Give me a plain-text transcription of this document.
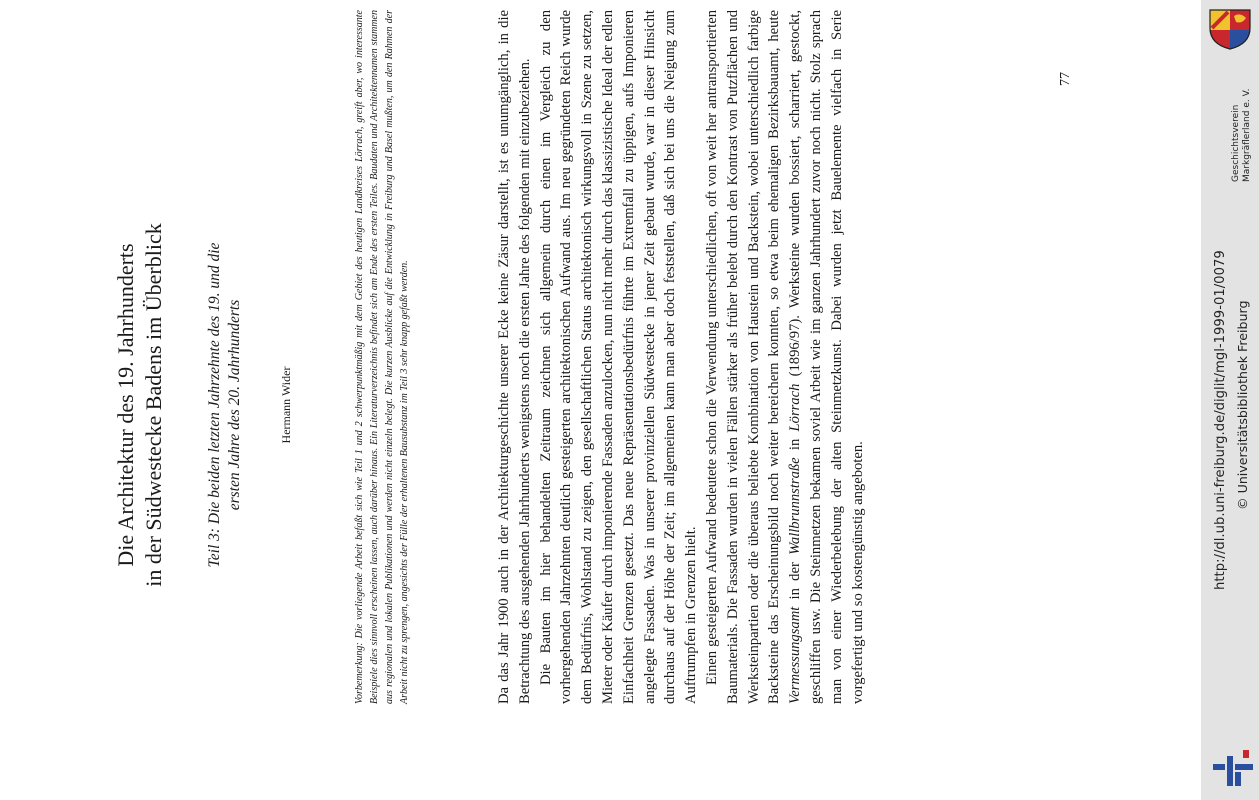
Die Architektur des 19. Jahrhunderts in der Südwestecke Badens im Überblick	Teil 3: Die beiden letzten Jahrzehnte des 19. und die ersten Jahre des 20. Jahrhunderts	Hermann Wider	Vorbemerkung: Die vorliegende Arbeit befaßt sich wie Teil 1 und 2 schwerpunktmäßig mit dem Gebiet des heutigen Landkreises Lörrach, greift aber, wo interessante Beispiele dies sinnvoll erscheinen lassen, auch darüber hinaus. Ein Literaturverzeichnis befindet sich am Ende des ersten Teiles. Baudaten und Architektennamen stammen aus regionalen und lokalen Publikationen und werden nicht einzeln belegt. Die kurzen Ausblicke auf die Entwicklung in Freiburg und Basel mußten, um den Rahmen der Arbeit nicht zu sprengen, angesichts der Fülle der erhaltenen Bausubstanz im Teil 3 sehr knapp gefaßt werden.	Da das Jahr 1900 auch in der Architekturgeschichte unserer Ecke keine Zäsur darstellt, ist es unumgänglich, in die Betrachtung des ausgehenden Jahrhunderts wenigstens noch die ersten Jahre des folgenden mit einzubeziehen. Die Bauten im hier behandelten Zeitraum zeichnen sich allgemein durch einen im Vergleich zu den vorhergehenden Jahrzehnten deutlich gesteigerten architektonischen Aufwand aus. Im neu gegründeten Reich wurde dem Bedürfnis, Wohlstand zu zeigen, den gesellschaftlichen Status architektonisch wirkungsvoll in Szene zu setzen, Mieter oder Käufer durch imponierende Fassaden anzulocken, nun nicht mehr durch das klassizistische Ideal der edlen Einfachheit Grenzen gesetzt. Das neue Repräsentationsbedürfnis führte im Extremfall zu üppigen, aufs Imponieren angelegte Fassaden. Was in unserer provinziellen Südwestecke in jener Zeit gebaut wurde, war in dieser Hinsicht durchaus auf der Höhe der Zeit; im allgemeinen kann man aber doch feststellen, daß sich bei uns die Neigung zum Auftrumpfen in Grenzen hielt. Einen gesteigerten Aufwand bedeutete schon die Verwendung unterschiedlichen, oft von weit her antransportierten Baumaterials. Die Fassaden wurden in vielen Fällen stärker als früher belebt durch den Kontrast von Putzflächen und Werksteinpartien oder die überaus beliebte Kombination von Haustein und Backstein, wobei unterschiedlich farbige Backsteine das Erscheinungsbild noch weiter bereichern konnten, so etwa beim ehemaligen Bezirksbauamt, heute Vermessungsamt in der Wallbrunnstraße in Lörrach (1896/97). Werksteine wurden bossiert, scharriert, gestockt, geschliffen usw. Die Steinmetzen bekamen soviel Arbeit wie im ganzen Jahrhundert zuvor noch nicht. Stolz sprach man von einer Wiederbelebung der alten Steinmetzkunst. Dabei wurden jetzt Bauelemente vielfach in Serie vorgefertigt und so kostengünstig angeboten.

77
Geschichtsverein Markgräflerland e. V.
http://dl.ub.uni-freiburg.de/diglit/mgl-1999-01/0079 © Universitätsbibliothek Freiburg
